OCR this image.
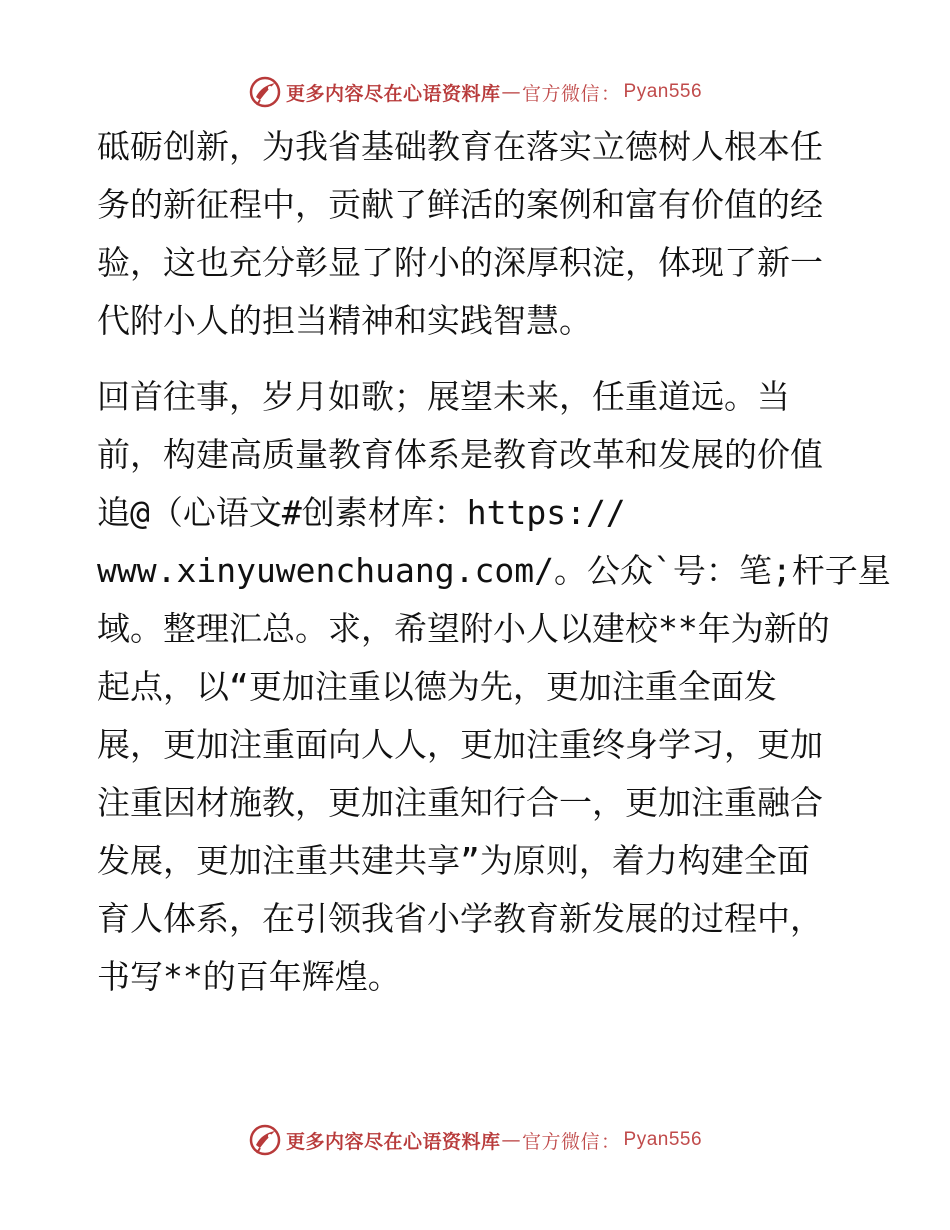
更多内容尽在心语资料库 — 官方微信 ： Pyan556
砥砺创新，为我省基础教育在落实立德树人根本任
务的新征程中，贡献了鲜活的案例和富有价值的经
验，这也充分彰显了附小的深厚积淀，体现了新一
代附小人的担当精神和实践智慧。
回首往事，岁月如歌；展望未来，任重道远。当
前，构建高质量教育体系是教育改革和发展的价值
追@（心语文#创素材库：https://
www.xinyuwenchuang.com/。公众`号：笔;杆子星
域。整理汇总。求，希望附小人以建校**年为新的
起点，以“更加注重以德为先，更加注重全面发
展，更加注重面向人人，更加注重终身学习，更加
注重因材施教，更加注重知行合一，更加注重融合
发展，更加注重共建共享”为原则，着力构建全面
育人体系，在引领我省小学教育新发展的过程中，
书写**的百年辉煌。
更多内容尽在心语资料库 — 官方微信 ： Pyan556
